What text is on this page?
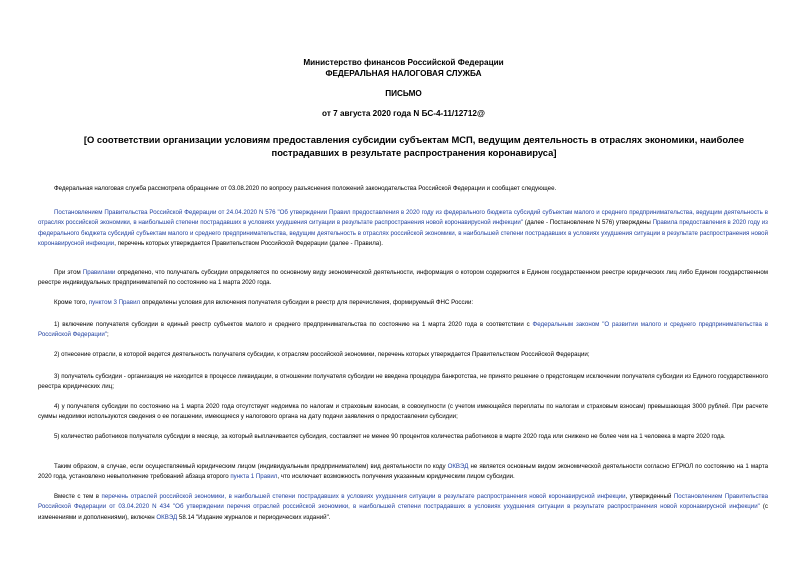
Министерство финансов Российской Федерации
ФЕДЕРАЛЬНАЯ НАЛОГОВАЯ СЛУЖБА
ПИСЬМО
от 7 августа 2020 года N БС-4-11/12712@
[О соответствии организации условиям предоставления субсидии субъектам МСП, ведущим деятельность в отраслях экономики, наиболее пострадавших в результате распространения коронавируса]

Федеральная налоговая служба рассмотрела обращение от 03.08.2020 по вопросу разъяснения положений законодательства Российской Федерации и сообщает следующее.

Постановлением Правительства Российской Федерации от 24.04.2020 N 576 "Об утверждении Правил предоставления в 2020 году из федерального бюджета субсидий субъектам малого и среднего предпринимательства, ведущим деятельность в отраслях российской экономики, в наибольшей степени пострадавших в условиях ухудшения ситуации в результате распространения новой коронавирусной инфекции" (далее - Постановление N 576) утверждены Правила предоставления в 2020 году из федерального бюджета субсидий субъектам малого и среднего предпринимательства, ведущим деятельность в отраслях российской экономики, в наибольшей степени пострадавших в условиях ухудшения ситуации в результате распространения новой коронавирусной инфекции, перечень которых утверждается Правительством Российской Федерации (далее - Правила).

При этом Правилами определено, что получатель субсидии определяется по основному виду экономической деятельности, информация о котором содержится в Едином государственном реестре юридических лиц либо Едином государственном реестре индивидуальных предпринимателей по состоянию на 1 марта 2020 года.

Кроме того, пунктом 3 Правил определены условия для включения получателя субсидии в реестр для перечисления, формируемый ФНС России:

1) включение получателя субсидии в единый реестр субъектов малого и среднего предпринимательства по состоянию на 1 марта 2020 года в соответствии с Федеральным законом "О развитии малого и среднего предпринимательства в Российской Федерации";

2) отнесение отрасли, в которой ведется деятельность получателя субсидии, к отраслям российской экономики, перечень которых утверждается Правительством Российской Федерации;

3) получатель субсидии - организация не находится в процессе ликвидации, в отношении получателя субсидии не введена процедура банкротства, не принято решение о предстоящем исключении получателя субсидии из Единого государственного реестра юридических лиц;

4) у получателя субсидии по состоянию на 1 марта 2020 года отсутствует недоимка по налогам и страховым взносам, в совокупности (с учетом имеющейся переплаты по налогам и страховым взносам) превышающая 3000 рублей. При расчете суммы недоимки используются сведения о ее погашении, имеющиеся у налогового органа на дату подачи заявления о предоставлении субсидии;

5) количество работников получателя субсидии в месяце, за который выплачивается субсидия, составляет не менее 90 процентов количества работников в марте 2020 года или снижено не более чем на 1 человека в марте 2020 года.

Таким образом, в случае, если осуществляемый юридическим лицом (индивидуальным предпринимателем) вид деятельности по коду ОКВЭД не является основным видом экономической деятельности согласно ЕГРЮЛ по состоянию на 1 марта 2020 года, установлено невыполнение требований абзаца второго пункта 1 Правил, что исключает возможность получения указанным юридическим лицом субсидии.

Вместе с тем в перечень отраслей российской экономики, в наибольшей степени пострадавших в условиях ухудшения ситуации в результате распространения новой коронавирусной инфекции, утвержденный Постановлением Правительства Российской Федерации от 03.04.2020 N 434 "Об утверждении перечня отраслей российской экономики, в наибольшей степени пострадавших в условиях ухудшения ситуации в результате распространения новой коронавирусной инфекции" (с изменениями и дополнениями), включен ОКВЭД 58.14 "Издание журналов и периодических изданий".
